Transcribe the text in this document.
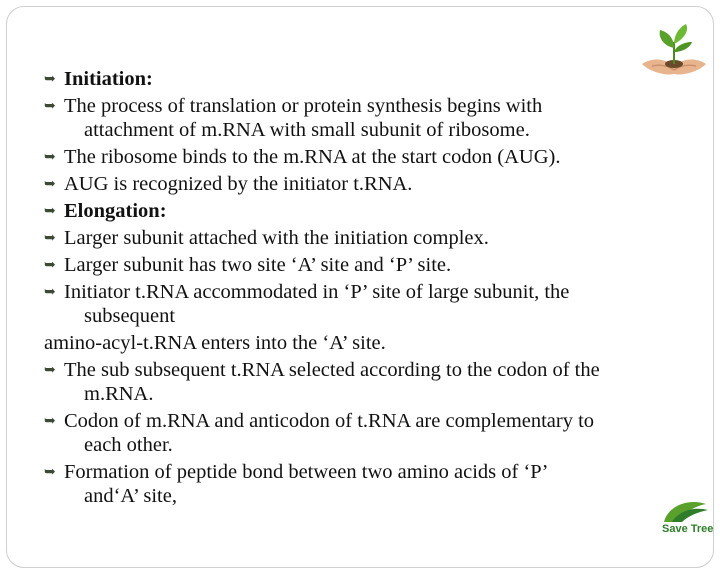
➥ Initiation:
➥ The process of translation or protein synthesis begins with
attachment of m.RNA with small subunit of ribosome.
➥ The ribosome binds to the m.RNA at the start codon (AUG).
➥ AUG is recognized by the initiator t.RNA.
➥ Elongation:
➥ Larger subunit attached with the initiation complex.
➥ Larger subunit has two site ‘A’ site and ‘P’ site.
➥ Initiator t.RNA accommodated in ‘P’ site of large subunit, the
subsequent
amino-acyl-t.RNA enters into the ‘A’ site.
➥ The sub subsequent t.RNA selected according to the codon of the
m.RNA.
➥ Codon of m.RNA and anticodon of t.RNA are complementary to
each other.
➥ Formation of peptide bond between two amino acids of ‘P’
and‘A’ site,
Save Tree
